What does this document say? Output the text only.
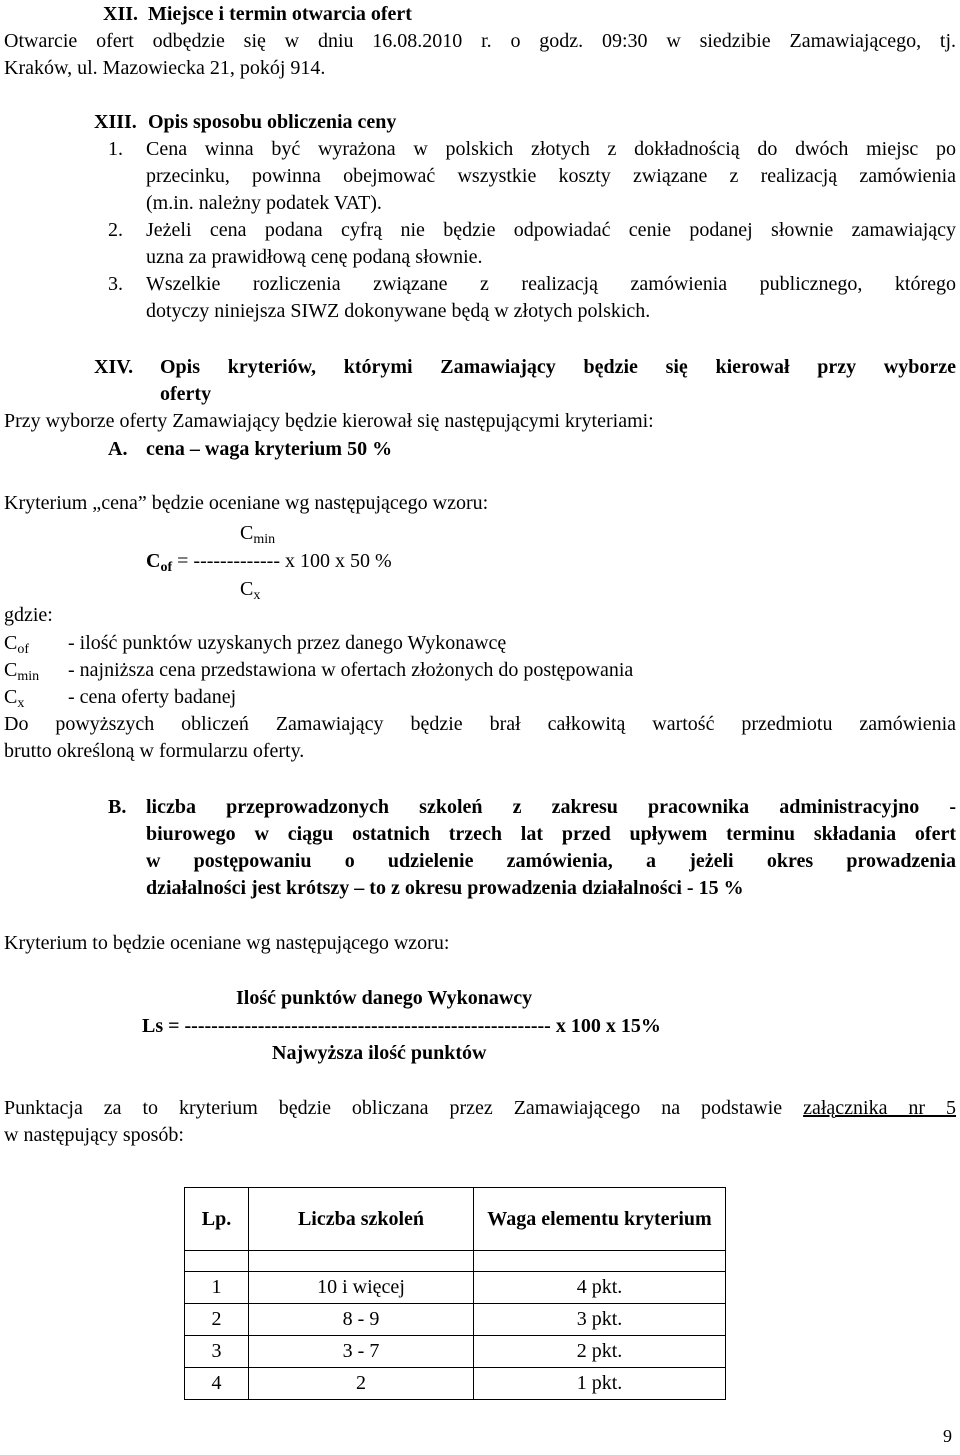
XII. Miejsce i termin otwarcia ofert
Otwarcie ofert odbędzie się w dniu 16.08.2010 r. o godz. 09:30 w siedzibie Zamawiającego, tj.
Kraków, ul. Mazowiecka 21, pokój 914.
XIII. Opis sposobu obliczenia ceny
1. Cena winna być wyrażona w polskich złotych z dokładnością do dwóch miejsc po
przecinku, powinna obejmować wszystkie koszty związane z realizacją zamówienia
(m.in. należny podatek VAT).
2. Jeżeli cena podana cyfrą nie będzie odpowiadać cenie podanej słownie zamawiający
uzna za prawidłową cenę podaną słownie.
3. Wszelkie rozliczenia związane z realizacją zamówienia publicznego, którego
dotyczy niniejsza SIWZ dokonywane będą w złotych polskich.
XIV. Opis kryteriów, którymi Zamawiający będzie się kierował przy wyborze
oferty
Przy wyborze oferty Zamawiający będzie kierował się następującymi kryteriami:
A. cena – waga kryterium 50 %
Kryterium „cena” będzie oceniane wg następującego wzoru:
$C_{min}$
$C_{of}$ = ------------- x 100 x 50 %
$C_x$
gdzie:
$C_{of}$ - ilość punktów uzyskanych przez danego Wykonawcę
$C_{min}$ - najniższa cena przedstawiona w ofertach złożonych do postępowania
$C_x$ - cena oferty badanej
Do powyższych obliczeń Zamawiający będzie brał całkowitą wartość przedmiotu zamówienia
brutto określoną w formularzu oferty.
B. liczba przeprowadzonych szkoleń z zakresu pracownika administracyjno -
biurowego w ciągu ostatnich trzech lat przed upływem terminu składania ofert
w postępowaniu o udzielenie zamówienia, a jeżeli okres prowadzenia
działalności jest krótszy – to z okresu prowadzenia działalności - 15 %
Kryterium to będzie oceniane wg następującego wzoru:
Ilość punktów danego Wykonawcy
Ls = ------------------------------------------------------- x 100 x 15%
Najwyższa ilość punktów
Punktacja za to kryterium będzie obliczana przez Zamawiającego na podstawie załącznika nr 5
w następujący sposób:
Lp.	Liczba szkoleń	Waga elementu kryterium

1	10 i więcej	4 pkt.
2	8 - 9	3 pkt.
3	3 - 7	2 pkt.
4	2	1 pkt.
9
